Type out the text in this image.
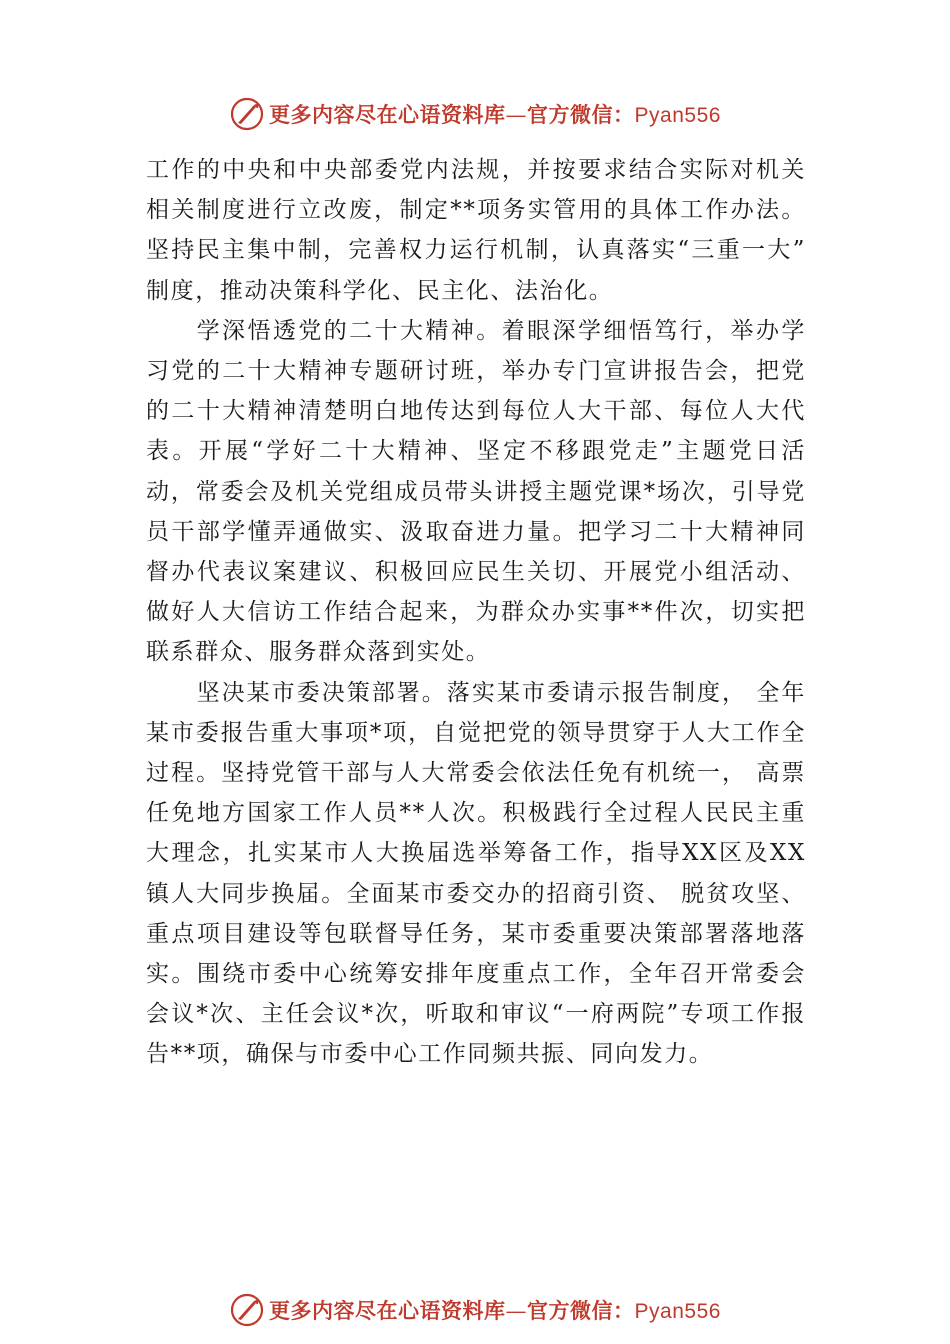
更多内容尽在心语资料库—官方微信：Pyan556

工作的中央和中央部委党内法规，并按要求结合实际对机关相关制度进行立改废，制定**项务实管用的具体工作办法。 坚持民主集中制，完善权力运行机制，认真落实“三重一大” 制度，推动决策科学化、民主化、法治化。

学深悟透党的二十大精神。着眼深学细悟笃行，举办学习党的二十大精神专题研讨班，举办专门宣讲报告会，把党的二十大精神清楚明白地传达到每位人大干部、每位人大代表。开展“学好二十大精神、坚定不移跟党走”主题党日活动，常委会及机关党组成员带头讲授主题党课*场次，引导党员干部学懂弄通做实、汲取奋进力量。把学习二十大精神同督办代表议案建议、积极回应民生关切、开展党小组活动、 做好人大信访工作结合起来，为群众办实事**件次，切实把联系群众、服务群众落到实处。

坚决某市委决策部署。落实某市委请示报告制度， 全年某市委报告重大事项*项，自觉把党的领导贯穿于人大工作全过程。坚持党管干部与人大常委会依法任免有机统一， 高票任免地方国家工作人员**人次。积极践行全过程人民民主重大理念，扎实某市人大换届选举筹备工作，指导XX区及XX镇人大同步换届。全面某市委交办的招商引资、 脱贫攻坚、重点项目建设等包联督导任务，某市委重要决策部署落地落实。围绕市委中心统筹安排年度重点工作，全年召开常委会会议*次、主任会议*次，听取和审议“一府两院”专项工作报告**项，确保与市委中心工作同频共振、同向发力。

更多内容尽在心语资料库—官方微信：Pyan556
